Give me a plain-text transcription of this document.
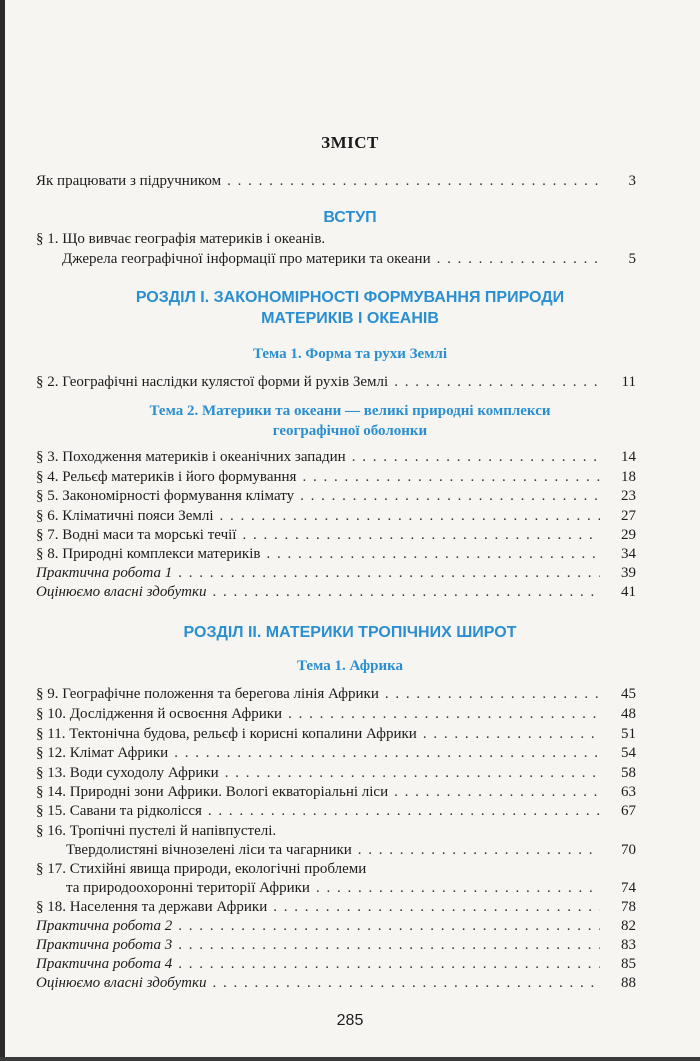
ЗМІСТ
Як працювати з підручником . . .	3
ВСТУП
§ 1. Що вивчає географія материків і океанів.
Джерела географічної інформації про материки та океани . . .	5
РОЗДІЛ І. ЗАКОНОМІРНОСТІ ФОРМУВАННЯ ПРИРОДИ
МАТЕРИКІВ І ОКЕАНІВ
Тема 1. Форма та рухи Землі
§ 2. Географічні наслідки кулястої форми й рухів Землі . . .	11
Тема 2. Материки та океани — великі природні комплекси
географічної оболонки
§ 3. Походження материків і океанічних западин . . .	14
§ 4. Рельєф материків і його формування . . .	18
§ 5. Закономірності формування клімату . . .	23
§ 6. Кліматичні пояси Землі . . .	27
§ 7. Водні маси та морські течії . . .	29
§ 8. Природні комплекси материків . . .	34
Практична робота 1 . . .	39
Оцінюємо власні здобутки . . .	41
РОЗДІЛ ІІ. МАТЕРИКИ ТРОПІЧНИХ ШИРОТ
Тема 1. Африка
§ 9. Географічне положення та берегова лінія Африки . . .	45
§ 10. Дослідження й освоєння Африки . . .	48
§ 11. Тектонічна будова, рельєф і корисні копалини Африки . . .	51
§ 12. Клімат Африки . . .	54
§ 13. Води суходолу Африки . . .	58
§ 14. Природні зони Африки. Вологі екваторіальні ліси . . .	63
§ 15. Савани та рідколісся . . .	67
§ 16. Тропічні пустелі й напівпустелі.
Твердолистяні вічнозелені ліси та чагарники . . .	70
§ 17. Стихійні явища природи, екологічні проблеми
та природоохоронні території Африки . . .	74
§ 18. Населення та держави Африки . . .	78
Практична робота 2 . . .	82
Практична робота 3 . . .	83
Практична робота 4 . . .	85
Оцінюємо власні здобутки . . .	88
285
